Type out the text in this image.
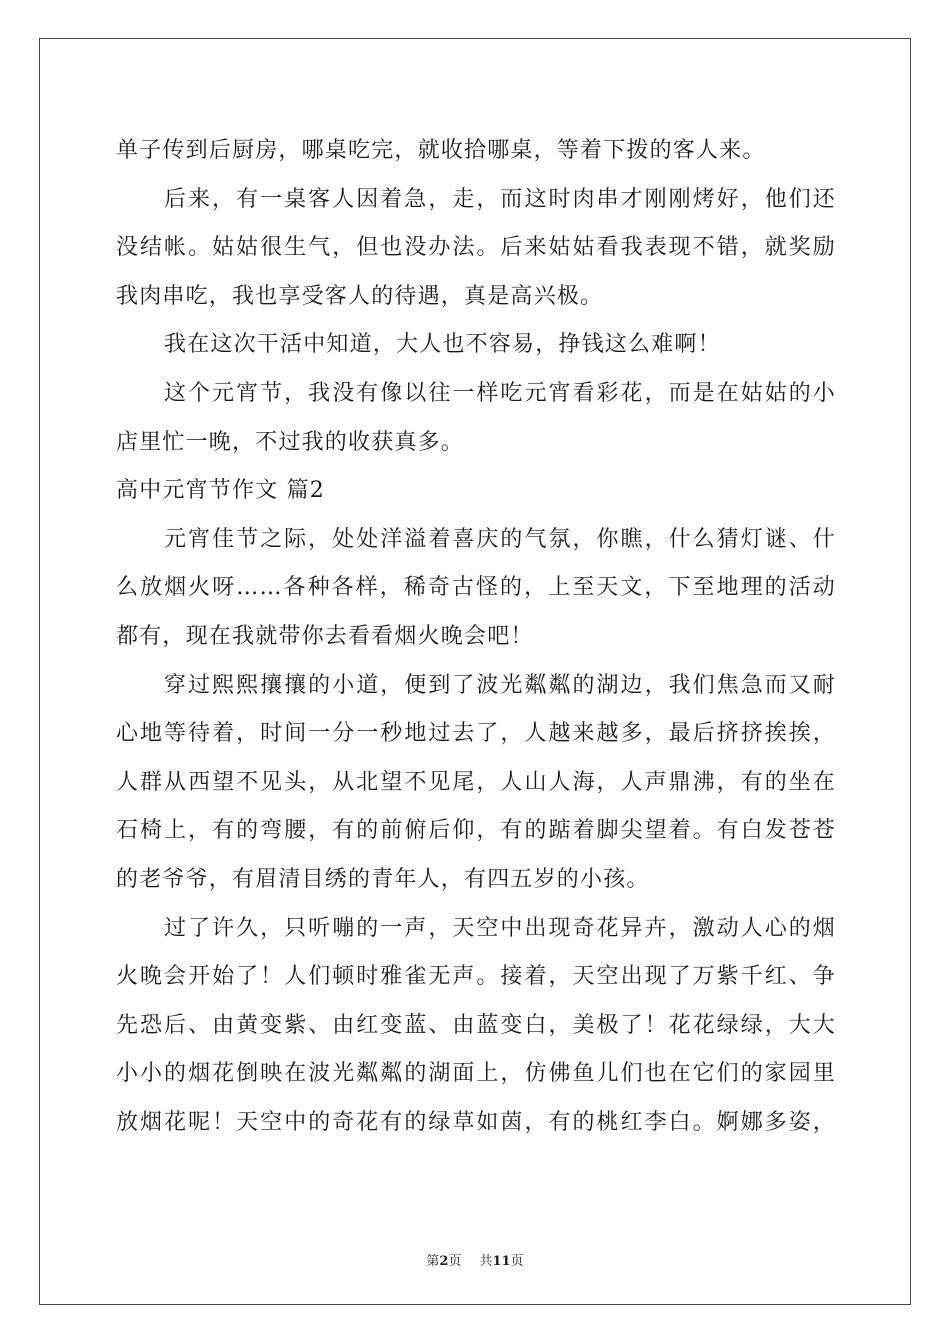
单子传到后厨房，哪桌吃完，就收拾哪桌，等着下拨的客人来。
后来，有一桌客人因着急，走，而这时肉串才刚刚烤好，他们还
没结帐。姑姑很生气，但也没办法。后来姑姑看我表现不错，就奖励
我肉串吃，我也享受客人的待遇，真是高兴极。
我在这次干活中知道，大人也不容易，挣钱这么难啊！
这个元宵节，我没有像以往一样吃元宵看彩花，而是在姑姑的小
店里忙一晚，不过我的收获真多。
高中元宵节作文 篇2
元宵佳节之际，处处洋溢着喜庆的气氛，你瞧，什么猜灯谜、什
么放烟火呀……各种各样，稀奇古怪的，上至天文，下至地理的活动
都有，现在我就带你去看看烟火晚会吧！
穿过熙熙攘攘的小道，便到了波光粼粼的湖边，我们焦急而又耐
心地等待着，时间一分一秒地过去了，人越来越多，最后挤挤挨挨，
人群从西望不见头，从北望不见尾，人山人海，人声鼎沸，有的坐在
石椅上，有的弯腰，有的前俯后仰，有的踮着脚尖望着。有白发苍苍
的老爷爷，有眉清目绣的青年人，有四五岁的小孩。
过了许久，只听嘣的一声，天空中出现奇花异卉，激动人心的烟
火晚会开始了！人们顿时雅雀无声。接着，天空出现了万紫千红、争
先恐后、由黄变紫、由红变蓝、由蓝变白，美极了！花花绿绿，大大
小小的烟花倒映在波光粼粼的湖面上，仿佛鱼儿们也在它们的家园里
放烟花呢！天空中的奇花有的绿草如茵，有的桃红李白。婀娜多姿，
第2页 共11页
